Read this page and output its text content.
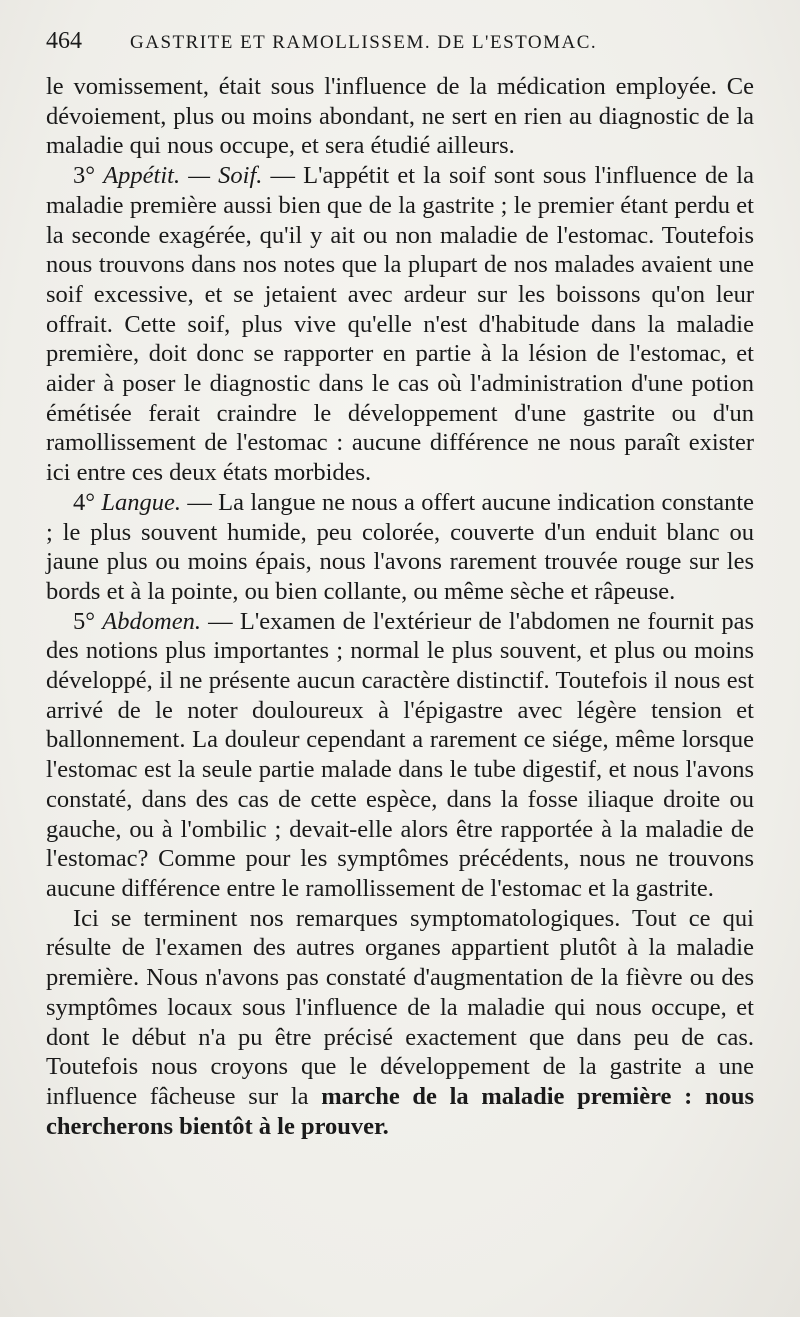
464	GASTRITE ET RAMOLLISSEM. DE L'ESTOMAC.

le vomissement, était sous l'influence de la médication employée. Ce dévoiement, plus ou moins abondant, ne sert en rien au diagnostic de la maladie qui nous occupe, et sera étudié ailleurs.

3° Appétit. — Soif. — L'appétit et la soif sont sous l'influence de la maladie première aussi bien que de la gastrite ; le premier étant perdu et la seconde exagérée, qu'il y ait ou non maladie de l'estomac. Toutefois nous trouvons dans nos notes que la plupart de nos malades avaient une soif excessive, et se jetaient avec ardeur sur les boissons qu'on leur offrait. Cette soif, plus vive qu'elle n'est d'habitude dans la maladie première, doit donc se rapporter en partie à la lésion de l'estomac, et aider à poser le diagnostic dans le cas où l'administration d'une potion émétisée ferait craindre le développement d'une gastrite ou d'un ramollissement de l'estomac : aucune différence ne nous paraît exister ici entre ces deux états morbides.

4° Langue. — La langue ne nous a offert aucune indication constante ; le plus souvent humide, peu colorée, couverte d'un enduit blanc ou jaune plus ou moins épais, nous l'avons rarement trouvée rouge sur les bords et à la pointe, ou bien collante, ou même sèche et râpeuse.

5° Abdomen. — L'examen de l'extérieur de l'abdomen ne fournit pas des notions plus importantes ; normal le plus souvent, et plus ou moins développé, il ne présente aucun caractère distinctif. Toutefois il nous est arrivé de le noter douloureux à l'épigastre avec légère tension et ballonnement. La douleur cependant a rarement ce siége, même lorsque l'estomac est la seule partie malade dans le tube digestif, et nous l'avons constaté, dans des cas de cette espèce, dans la fosse iliaque droite ou gauche, ou à l'ombilic ; devait-elle alors être rapportée à la maladie de l'estomac? Comme pour les symptômes précédents, nous ne trouvons aucune différence entre le ramollissement de l'estomac et la gastrite.

Ici se terminent nos remarques symptomatologiques. Tout ce qui résulte de l'examen des autres organes appartient plutôt à la maladie première. Nous n'avons pas constaté d'augmentation de la fièvre ou des symptômes locaux sous l'influence de la maladie qui nous occupe, et dont le début n'a pu être précisé exactement que dans peu de cas. Toutefois nous croyons que le développement de la gastrite a une influence fâcheuse sur la marche de la maladie première : nous chercherons bientôt à le prouver.
